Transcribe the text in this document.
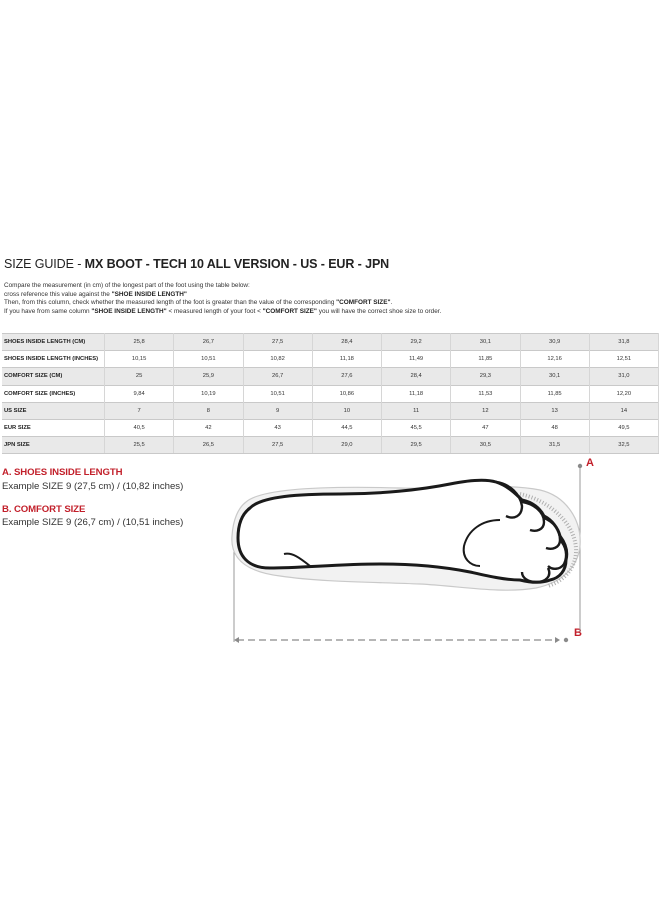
SIZE GUIDE - MX BOOT - TECH 10 ALL VERSION - US - EUR - JPN
Compare the measurement (in cm) of the longest part of the foot using the table below:
cross reference this value against the "SHOE INSIDE LENGTH"
Then, from this column, check whether the measured length of the foot is greater than the value of the corresponding "COMFORT SIZE".
If you have from same column "SHOE INSIDE LENGTH" < measured length of your foot < "COMFORT SIZE" you will have the correct shoe size to order.
SHOES INSIDE LENGTH (CM)	25,8	26,7	27,5	28,4	29,2	30,1	30,9	31,8
SHOES INSIDE LENGTH (INCHES)	10,15	10,51	10,82	11,18	11,49	11,85	12,16	12,51
COMFORT SIZE (CM)	25	25,9	26,7	27,6	28,4	29,3	30,1	31,0
COMFORT SIZE (INCHES)	9,84	10,19	10,51	10,86	11,18	11,53	11,85	12,20
US SIZE	7	8	9	10	11	12	13	14
EUR SIZE	40,5	42	43	44,5	45,5	47	48	49,5
JPN SIZE	25,5	26,5	27,5	29,0	29,5	30,5	31,5	32,5
A. SHOES INSIDE LENGTH
Example SIZE 9 (27,5 cm) / (10,82 inches)
B. COMFORT SIZE
Example SIZE 9 (26,7 cm) / (10,51 inches)
A
B
